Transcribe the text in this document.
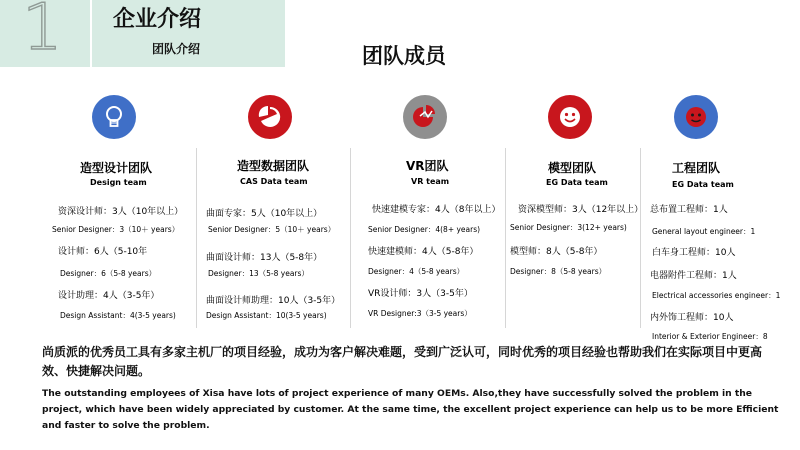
1 企业介绍
团队介绍	团队成员
造型设计团队
Design team
造型数据团队
CAS Data team
VR团队
VR team
模型团队
EG Data team
工程团队
EG Data team
资深设计师：3人（10年以上）
Senior Designer：3（10＋ years）
设计师：6人（5-10年
Designer：6（5-8 years）
设计助理：4人（3-5年）
Design Assistant：4(3-5 years)
曲面专家：5人（10年以上）
Senior Designer：5（10＋ years）
曲面设计师：13人（5-8年）
Designer：13（5-8 years）
曲面设计师助理：10人（3-5年）
Design Assistant：10(3-5 years)
快速建模专家：4人（8年以上）
Senior Designer：4(8+ years)
快速建模师：4人（5-8年）
Designer：4（5-8 years）
VR设计师：3人（3-5年）
VR Designer:3（3-5 years）
资深模型师：3人（12年以上）
Senior Designer：3(12+ years)
模型师：8人（5-8年）
Designer：8（5-8 years）
总布置工程师：1人
General layout engineer：1
白车身工程师：10人
电器附件工程师：1人
Electrical accessories engineer：1
内外饰工程师：10人
Interior & Exterior Engineer：8
尚质派的优秀员工具有多家主机厂的项目经验，成功为客户解决难题，受到广泛认可，同时优秀的项目经验也帮助我们在实际项目中更高效、快捷解决问题。
The outstanding employees of Xisa have lots of project experience of many OEMs. Also,they have successfully solved the problem in the project, which have been widely appreciated by customer. At the same time, the excellent project experience can help us to be more Efficient and faster to solve the problem.
